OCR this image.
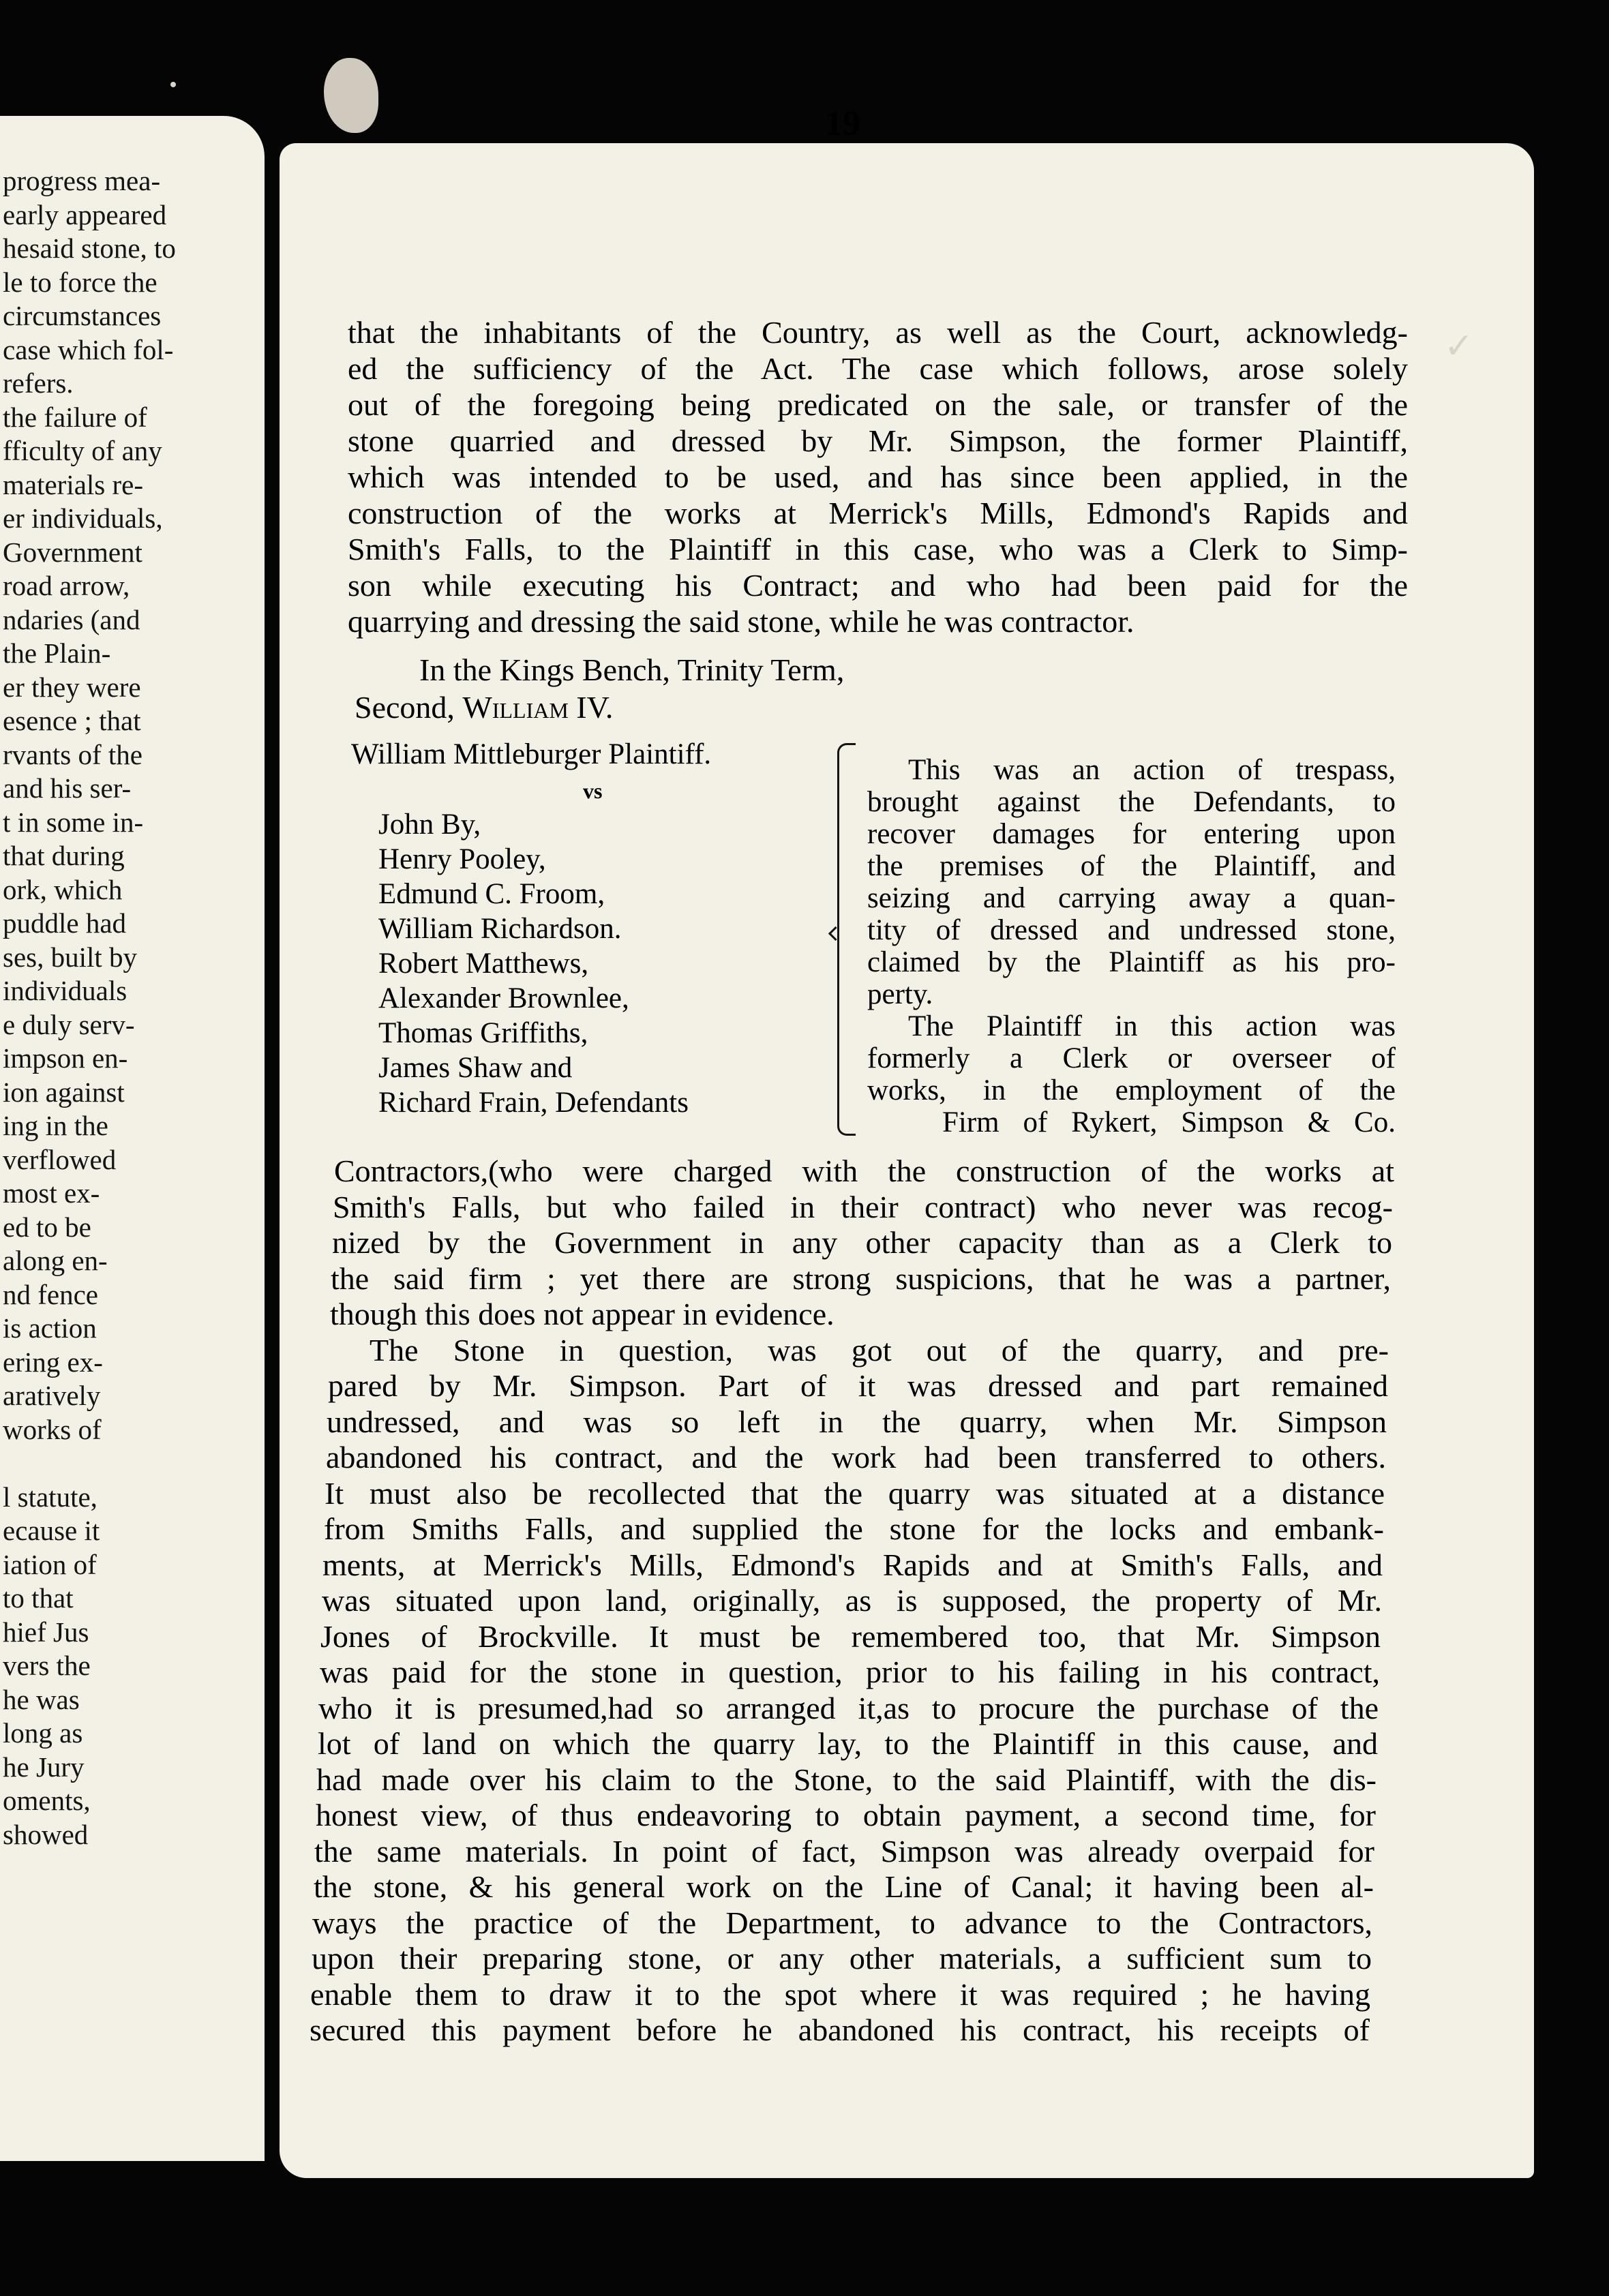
progress mea-
early appeared
hesaid stone, to
le to force the
circumstances
case which fol-
refers.
the failure of
fficulty of any
materials re-
er individuals,
Government
road arrow,
ndaries (and
the Plain-
er they were
esence ; that
rvants of the
and his ser-
t in some in-
that during
ork, which
puddle had
ses, built by
individuals
e duly serv-
impson en-
ion against
ing in the
verflowed
most ex-
ed to be
along en-
nd fence
is action
ering ex-
aratively
works of
l statute,
ecause it
iation of
to that
hief Jus
vers the
he was
long as
he Jury
oments,
showed
19
✓
that the inhabitants of the Country, as well as the Court, acknowledg-
ed the sufficiency of the Act. The case which follows, arose solely
out of the foregoing being predicated on the sale, or transfer of the
stone quarried and dressed by Mr. Simpson, the former Plaintiff,
which was intended to be used, and has since been applied, in the
construction of the works at Merrick's Mills, Edmond's Rapids and
Smith's Falls, to the Plaintiff in this case, who was a Clerk to Simp-
son while executing his Contract; and who had been paid for the
quarrying and dressing the said stone, while he was contractor.
In the Kings Bench, Trinity Term,
Second, William IV.
William Mittleburger Plaintiff.
vs
John By,
Henry Pooley,
Edmund C. Froom,
William Richardson.
Robert Matthews,
Alexander Brownlee,
Thomas Griffiths,
James Shaw and
Richard Frain, Defendants
This was an action of trespass,
brought against the Defendants, to
recover damages for entering upon
the premises of the Plaintiff, and
seizing and carrying away a quan-
tity of dressed and undressed stone,
claimed by the Plaintiff as his pro-
perty.
The Plaintiff in this action was
formerly a Clerk or overseer of
works, in the employment of the
Firm of Rykert, Simpson & Co.
Contractors,(who were charged with the construction of the works at
Smith's Falls, but who failed in their contract) who never was recog-
nized by the Government in any other capacity than as a Clerk to
the said firm ; yet there are strong suspicions, that he was a partner,
though this does not appear in evidence.
The Stone in question, was got out of the quarry, and pre-
pared by Mr. Simpson. Part of it was dressed and part remained
undressed, and was so left in the quarry, when Mr. Simpson
abandoned his contract, and the work had been transferred to others.
It must also be recollected that the quarry was situated at a distance
from Smiths Falls, and supplied the stone for the locks and embank-
ments, at Merrick's Mills, Edmond's Rapids and at Smith's Falls, and
was situated upon land, originally, as is supposed, the property of Mr.
Jones of Brockville. It must be remembered too, that Mr. Simpson
was paid for the stone in question, prior to his failing in his contract,
who it is presumed,had so arranged it,as to procure the purchase of the
lot of land on which the quarry lay, to the Plaintiff in this cause, and
had made over his claim to the Stone, to the said Plaintiff, with the dis-
honest view, of thus endeavoring to obtain payment, a second time, for
the same materials. In point of fact, Simpson was already overpaid for
the stone, & his general work on the Line of Canal; it having been al-
ways the practice of the Department, to advance to the Contractors,
upon their preparing stone, or any other materials, a sufficient sum to
enable them to draw it to the spot where it was required ; he having
secured this payment before he abandoned his contract, his receipts of
